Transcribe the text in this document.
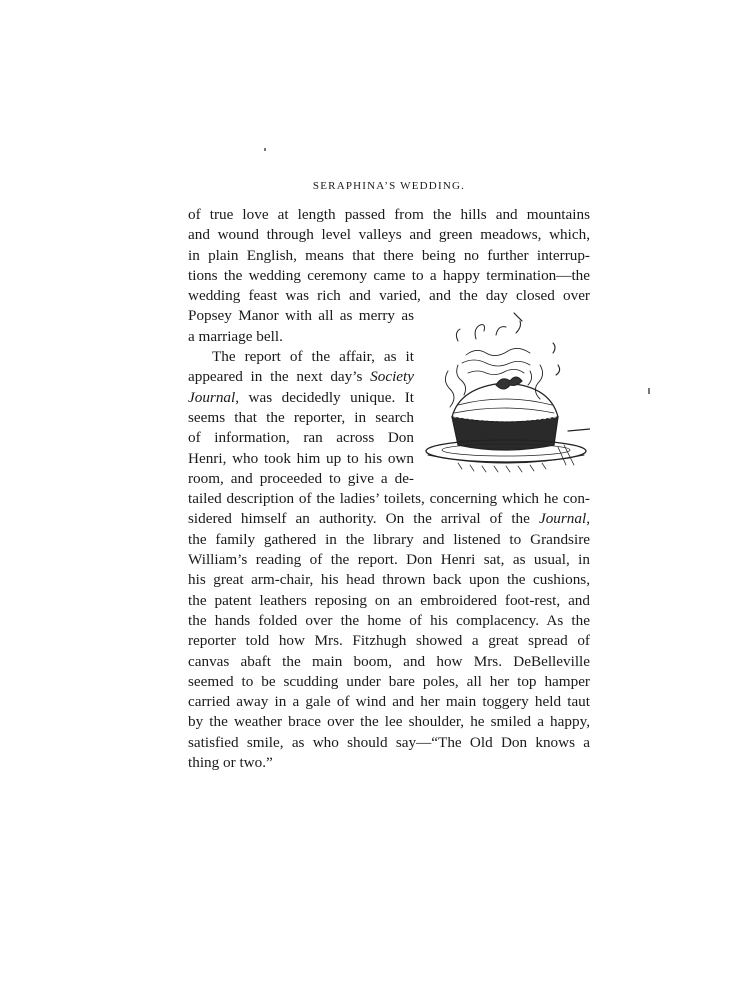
SERAPHINA’S WEDDING.
of true love at length passed from the hills and mountains
and wound through level valleys and green meadows, which,
in plain English, means that there being no further interrup-
tions the wedding ceremony came to a happy termination—the
wedding feast was rich and varied, and the day closed over
Popsey Manor with all as merry as
a marriage bell.
The report of the affair, as it
appeared in the next day’s Society
Journal, was decidedly unique. It
seems that the reporter, in search
of information, ran across Don
Henri, who took him up to his own
room, and proceeded to give a de-
tailed description of the ladies’ toilets, concerning which he con-
sidered himself an authority. On the arrival of the Journal,
the family gathered in the library and listened to Grandsire
William’s reading of the report. Don Henri sat, as usual, in
his great arm-chair, his head thrown back upon the cushions,
the patent leathers reposing on an embroidered foot-rest, and
the hands folded over the home of his complacency. As the
reporter told how Mrs. Fitzhugh showed a great spread of
canvas abaft the main boom, and how Mrs. DeBelleville
seemed to be scudding under bare poles, all her top hamper
carried away in a gale of wind and her main toggery held taut
by the weather brace over the lee shoulder, he smiled a happy,
satisfied smile, as who should say—“The Old Don knows a
thing or two.”
